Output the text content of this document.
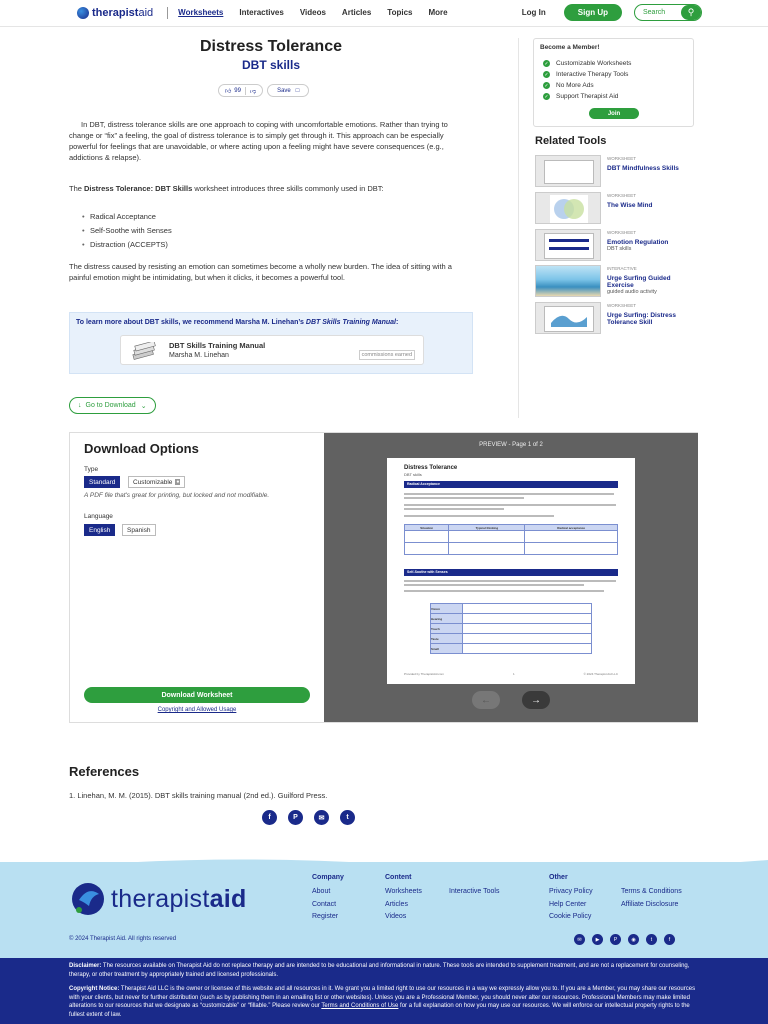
therapist aid	Worksheets Interactives Videos Articles Topics More	Log In	Sign Up	Search	⚲
Distress Tolerance
DBT skills
👍︎ 99 👎︎	Save □
In DBT, distress tolerance skills are one approach to coping with uncomfortable emotions. Rather than trying to change or “fix” a feeling, the goal of distress tolerance is to simply get through it. This approach can be especially powerful for feelings that are unavoidable, or where acting upon a feeling might have severe consequences (e.g., addictions & relapse).
The Distress Tolerance: DBT Skills worksheet introduces three skills commonly used in DBT:
• Radical Acceptance
• Self-Soothe with Senses
• Distraction (ACCEPTS)
The distress caused by resisting an emotion can sometimes become a wholly new burden. The idea of sitting with a painful emotion might be intimidating, but when it clicks, it becomes a powerful tool.
To learn more about DBT skills, we recommend Marsha M. Linehan’s DBT Skills Training Manual:
DBT Skills Training Manual
Marsha M. Linehan	commissions earned
↓ Go to Download ⌄
Download Options
Type
Standard	Customizable ●
A PDF file that's great for printing, but locked and not modifiable.
Language
English	Spanish
Download Worksheet
Copyright and Allowed Usage
PREVIEW - Page 1 of 2
Distress Tolerance
DBT skills
Radical Acceptance
Situation	Typical thinking	Radical acceptance

Self-Soothe with Senses
Vision	
Hearing	
Touch	
Taste	
Smell	
Provided by TherapistAid.com	1	© 2024 Therapist Aid LLC
←	→
Become a Member!
✓ Customizable Worksheets
✓ Interactive Therapy Tools
✓ No More Ads
✓ Support Therapist Aid
Join
Related Tools
WORKSHEET
DBT Mindfulness Skills
WORKSHEET
The Wise Mind
WORKSHEET
Emotion Regulation
DBT skills
INTERACTIVE
Urge Surfing Guided Exercise
guided audio activity
WORKSHEET
Urge Surfing: Distress Tolerance Skill
References
1. Linehan, M. M. (2015). DBT skills training manual (2nd ed.). Guilford Press.
f	P	✉	t
therapistaid
Company
About
Contact
Register
Content
Worksheets
Articles
Videos
Interactive Tools
Other
Privacy Policy
Help Center
Cookie Policy
Terms & Conditions
Affiliate Disclosure
© 2024 Therapist Aid. All rights reserved	✉	▶	P	◉	t	f
Disclaimer: The resources available on Therapist Aid do not replace therapy and are intended to be educational and informational in nature. These tools are intended to supplement treatment, and are not a replacement for counseling, therapy, or other treatment by appropriately trained and licensed professionals.
Copyright Notice: Therapist Aid LLC is the owner or licensee of this website and all resources in it. We grant you a limited right to use our resources in a way we expressly allow you to. If you are a Member, you may share our resources with your clients, but never for further distribution (such as by publishing them in an emailing list or other websites). Unless you are a Professional Member, you should never alter our resources. Professional Members may make limited alterations to our resources that we designate as “customizable” or “fillable.” Please review our Terms and Conditions of Use for a full explanation on how you may use our resources. We will enforce our intellectual property rights to the fullest extent of law.
